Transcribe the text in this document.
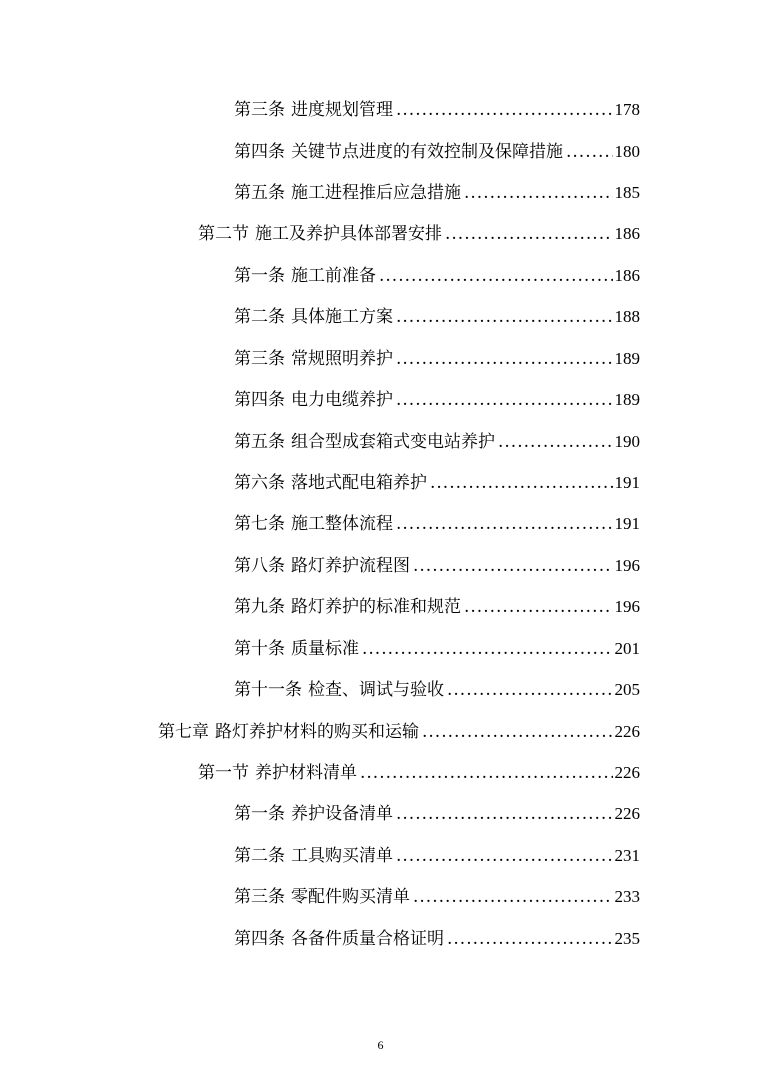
第三条 进度规划管理 .....	178
第四条 关键节点进度的有效控制及保障措施 .....	180
第五条 施工进程推后应急措施 .....	185
第二节 施工及养护具体部署安排 .....	186
第一条 施工前准备 .....	186
第二条 具体施工方案 .....	188
第三条 常规照明养护 .....	189
第四条 电力电缆养护 .....	189
第五条 组合型成套箱式变电站养护 .....	190
第六条 落地式配电箱养护 .....	191
第七条 施工整体流程 .....	191
第八条 路灯养护流程图 .....	196
第九条 路灯养护的标准和规范 .....	196
第十条 质量标准 .....	201
第十一条 检查、调试与验收 .....	205
第七章 路灯养护材料的购买和运输 .....	226
第一节 养护材料清单 .....	226
第一条 养护设备清单 .....	226
第二条 工具购买清单 .....	231
第三条 零配件购买清单 .....	233
第四条 各备件质量合格证明 .....	235
6
